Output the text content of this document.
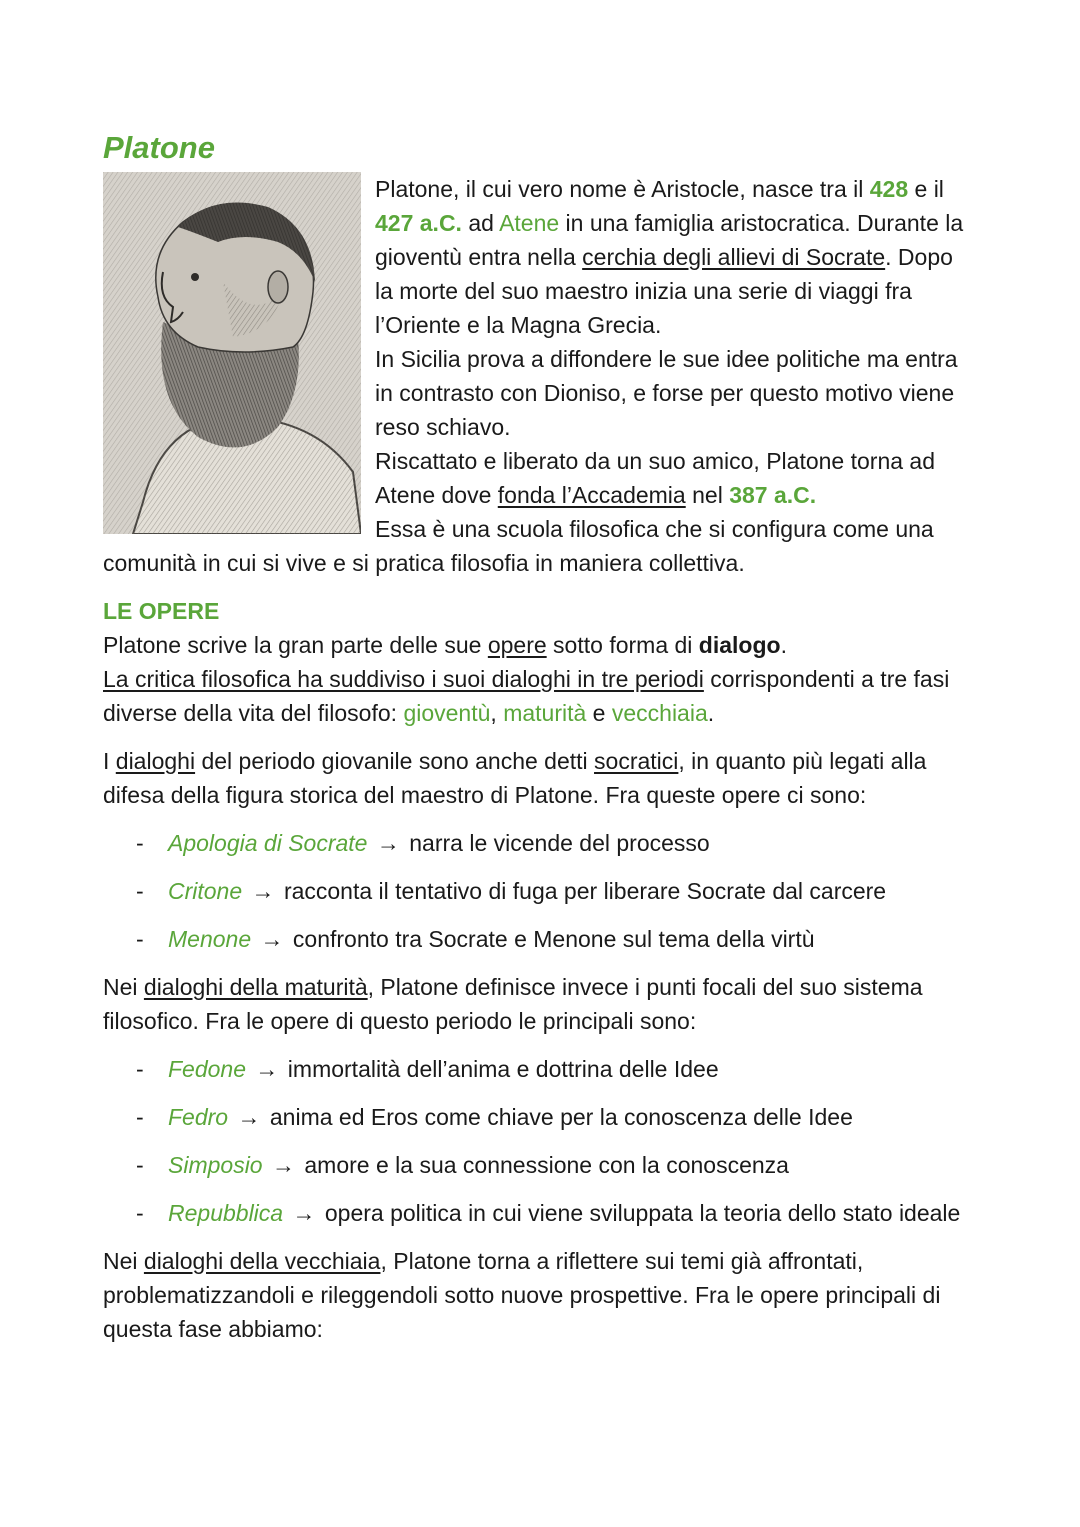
Platone

Platone, il cui vero nome è Aristocle, nasce tra il 428 e il 427 a.C. ad Atene in una famiglia aristocratica. Durante la gioventù entra nella cerchia degli allievi di Socrate. Dopo la morte del suo maestro inizia una serie di viaggi fra l’Oriente e la Magna Grecia.

In Sicilia prova a diffondere le sue idee politiche ma entra in contrasto con Dioniso, e forse per questo motivo viene reso schiavo.

Riscattato e liberato da un suo amico, Platone torna ad Atene dove fonda l’Accademia nel 387 a.C.

Essa è una scuola filosofica che si configura come una comunità in cui si vive e si pratica filosofia in maniera collettiva.

LE OPERE

Platone scrive la gran parte delle sue opere sotto forma di dialogo.

La critica filosofica ha suddiviso i suoi dialoghi in tre periodi corrispondenti a tre fasi diverse della vita del filosofo: gioventù, maturità e vecchiaia.

I dialoghi del periodo giovanile sono anche detti socratici, in quanto più legati alla difesa della figura storica del maestro di Platone. Fra queste opere ci sono:

- Apologia di Socrate → narra le vicende del processo
- Critone → racconta il tentativo di fuga per liberare Socrate dal carcere
- Menone → confronto tra Socrate e Menone sul tema della virtù

Nei dialoghi della maturità, Platone definisce invece i punti focali del suo sistema filosofico. Fra le opere di questo periodo le principali sono:

- Fedone → immortalità dell’anima e dottrina delle Idee
- Fedro → anima ed Eros come chiave per la conoscenza delle Idee
- Simposio → amore e la sua connessione con la conoscenza
- Repubblica → opera politica in cui viene sviluppata la teoria dello stato ideale

Nei dialoghi della vecchiaia, Platone torna a riflettere sui temi già affrontati, problematizzandoli e rileggendoli sotto nuove prospettive. Fra le opere principali di questa fase abbiamo:
